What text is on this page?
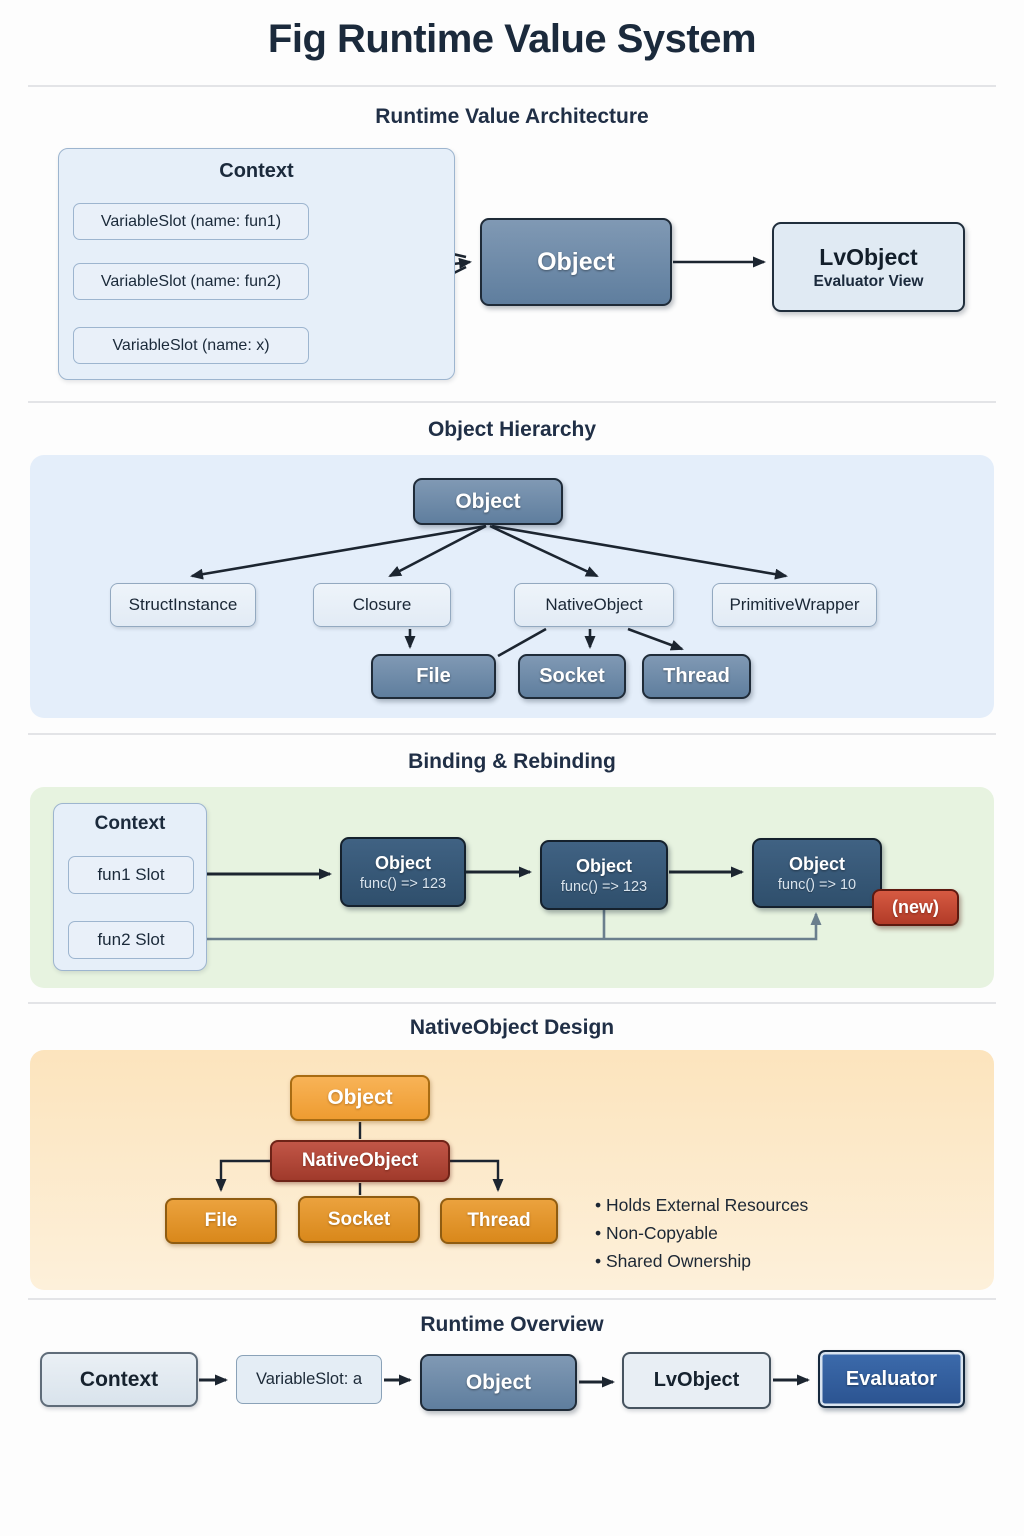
Fig Runtime Value System
Runtime Value Architecture
Context
VariableSlot (name: fun1)
VariableSlot (name: fun2)
VariableSlot (name: x)
Object	LvObject
Evaluator View
Object Hierarchy
Object
StructInstance	Closure	NativeObject	PrimitiveWrapper
File	Socket	Thread
Binding & Rebinding
Context
fun1 Slot
fun2 Slot
Object
func() => 123
Object
func() => 123
Object
func() => 10
(new)
NativeObject Design
Object
NativeObject
File	Socket	Thread
• Holds External Resources
• Non-Copyable
• Shared Ownership
Runtime Overview
Context	VariableSlot: a	Object	LvObject	Evaluator
